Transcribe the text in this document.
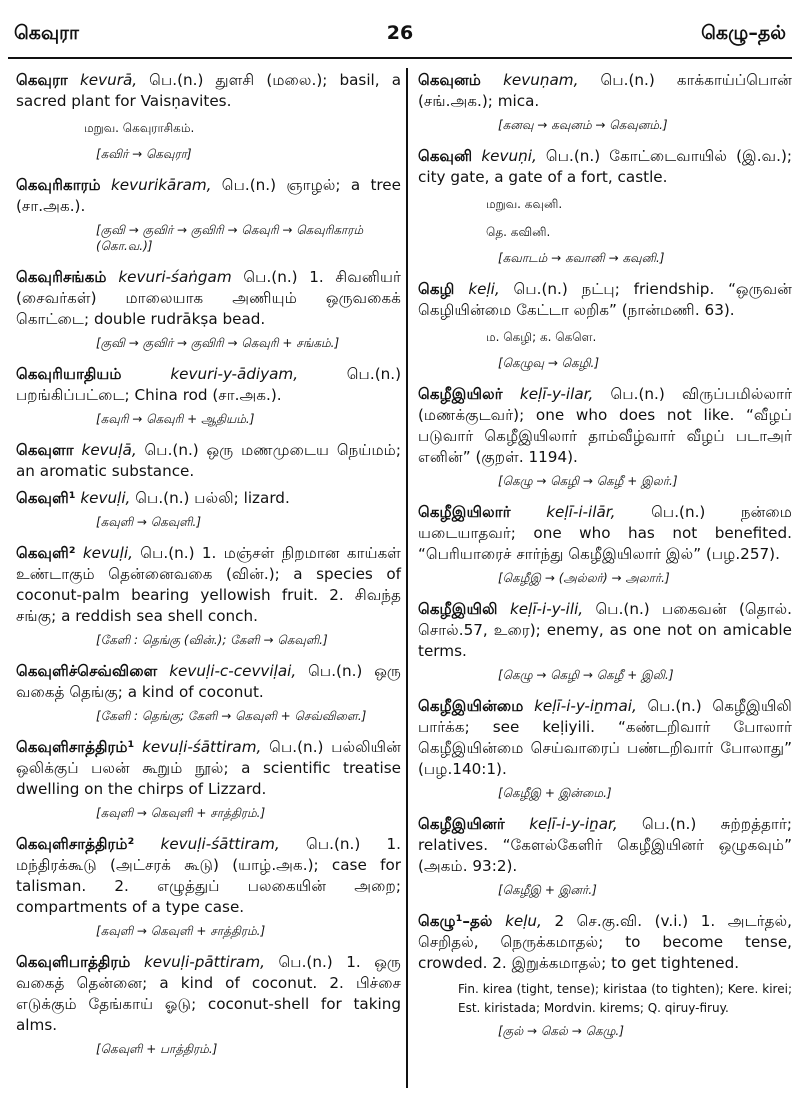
கெவுரா	26	கெழு–தல்
கெவுரா kevurā, பெ.(n.) துளசி (மலை.); basil, a sacred plant for Vaisṇavites.
மறுவ. கெவுராசிகம்.
[கவிர் → கெவுரா]
கெவுரிகாரம் kevurikāram, பெ.(n.) ஞாழல்; a tree (சா.அக.).
[குவி → குவிர் → குவிரி → கெவுரி → கெவுரிகாரம் (கொ.வ.)]
கெவுரிசங்கம் kevuri-śaṅgam பெ.(n.) 1. சிவனியர் (சைவர்கள்) மாலையாக அணியும் ஒருவகைக் கொட்டை; double rudrākṣa bead.
[குவி → குவிர் → குவிரி → கெவுரி + சங்கம்.]
கெவுரியாதியம்	kevuri-y-ādiyam, பெ.(n.) பறங்கிப்பட்டை; China rod (சா.அக.).
[கவுரி → கெவுரி + ஆதியம்.]
கெவுளா kevuḷā, பெ.(n.) ஒரு மணமுடைய நெய்மம்; an aromatic substance.
கெவுளி¹ kevuḷi, பெ.(n.) பல்லி; lizard.
[கவுளி → கெவுளி.]
கெவுளி² kevuḷi, பெ.(n.) 1. மஞ்சள் நிறமான காய்கள் உண்டாகும் தென்னைவகை (வின்.); a species of coconut-palm bearing yellowish fruit. 2. சிவந்த சங்கு; a reddish sea shell conch.
[கேளி : தெங்கு (வின்.); கேளி → கெவுளி.]
கெவுளிச்செவ்விளை kevuḷi-c-cevviḷai, பெ.(n.) ஒரு வகைத் தெங்கு; a kind of coconut.
[கேளி : தெங்கு; கேளி → கெவுளி + செவ்விளை.]
கெவுளிசாத்திரம்¹ kevuḷi-śāttiram, பெ.(n.) பல்லியின் ஒலிக்குப் பலன் கூறும் நூல்; a scientific treatise dwelling on the chirps of Lizzard.
[கவுளி → கெவுளி + சாத்திரம்.]
கெவுளிசாத்திரம்² kevuḷi-śāttiram, பெ.(n.) 1. மந்திரக்கூடு (அட்சரக் கூடு) (யாழ்.அக.); case for talisman. 2. எழுத்துப் பலகையின் அறை; compartments of a type case.
[கவுளி → கெவுளி + சாத்திரம்.]
கெவுளிபாத்திரம் kevuḷi-pāttiram, பெ.(n.) 1. ஒரு வகைத் தென்னை; a kind of coconut. 2. பிச்சை எடுக்கும் தேங்காய் ஓடு; coconut-shell for taking alms.
[கெவுளி + பாத்திரம்.]
கெவுனம் kevuṇam, பெ.(n.) காக்காய்ப்பொன் (சங்.அக.); mica.
[கனவு → கவுனம் → கெவுனம்.]
கெவுனி kevuṇi, பெ.(n.) கோட்டைவாயில் (இ.வ.); city gate, a gate of a fort, castle.
மறுவ. கவுனி.
தெ. கவினி.
[கவாடம் → கவானி → கவுனி.]
கெழி keḷi, பெ.(n.) நட்பு; friendship. “ஒருவன் கெழியின்மை கேட்டா லறிக” (நான்மணி. 63).
ம. கெழி; க. கெளெ.
[கெழுவு → கெழி.]
கெழீஇயிலர் keḷī-y-ilar, பெ.(n.) விருப்பமில்லார் (மணக்குடவர்); one who does not like. “வீழப் படுவார் கெழீஇயிலார் தாம்வீழ்வார் வீழப் படாஅர் எனின்” (குறள். 1194).
[கெழு → கெழி → கெழீ + இலர்.]
கெழீஇயிலார் keḷī-i-ilār, பெ.(n.) நன்மை யடையாதவர்; one who has not benefited. “பெரியாரைச் சார்ந்து கெழீஇயிலார் இல்” (பழ.257).
[கெழீஇ → (அல்லர்) → அலார்.]
கெழீஇயிலி keḷī-i-y-ili, பெ.(n.) பகைவன் (தொல். சொல்.57, உரை); enemy, as one not on amicable terms.
[கெழு → கெழி → கெழீ + இலி.]
கெழீஇயின்மை keḷī-i-y-iṉmai, பெ.(n.) கெழீஇயிலி பார்க்க; see keḷiyili. “கண்டறிவார் போலார் கெழீஇயின்மை செய்வாரைப் பண்டறிவார் போலாது” (பழ.140:1).
[கெழீஇ + இன்மை.]
கெழீஇயினர் keḷī-i-y-iṉar, பெ.(n.) சுற்றத்தார்; relatives. “கேளல்கேளிர் கெழீஇயினர் ஒழுகவும்” (அகம். 93:2).
[கெழீஇ + இனர்.]
கெழு¹–தல் keḷu, 2 செ.கு.வி. (v.i.) 1. அடர்தல், செறிதல், நெருக்கமாதல்; to become tense, crowded. 2. இறுக்கமாதல்; to get tightened.
Fin. kirea (tight, tense); kiristaa (to tighten); Kere. kirei; Est. kiristada; Mordvin. kirems; Q. qiruy-firuy.
[குல் → கெல் → கெழு.]
